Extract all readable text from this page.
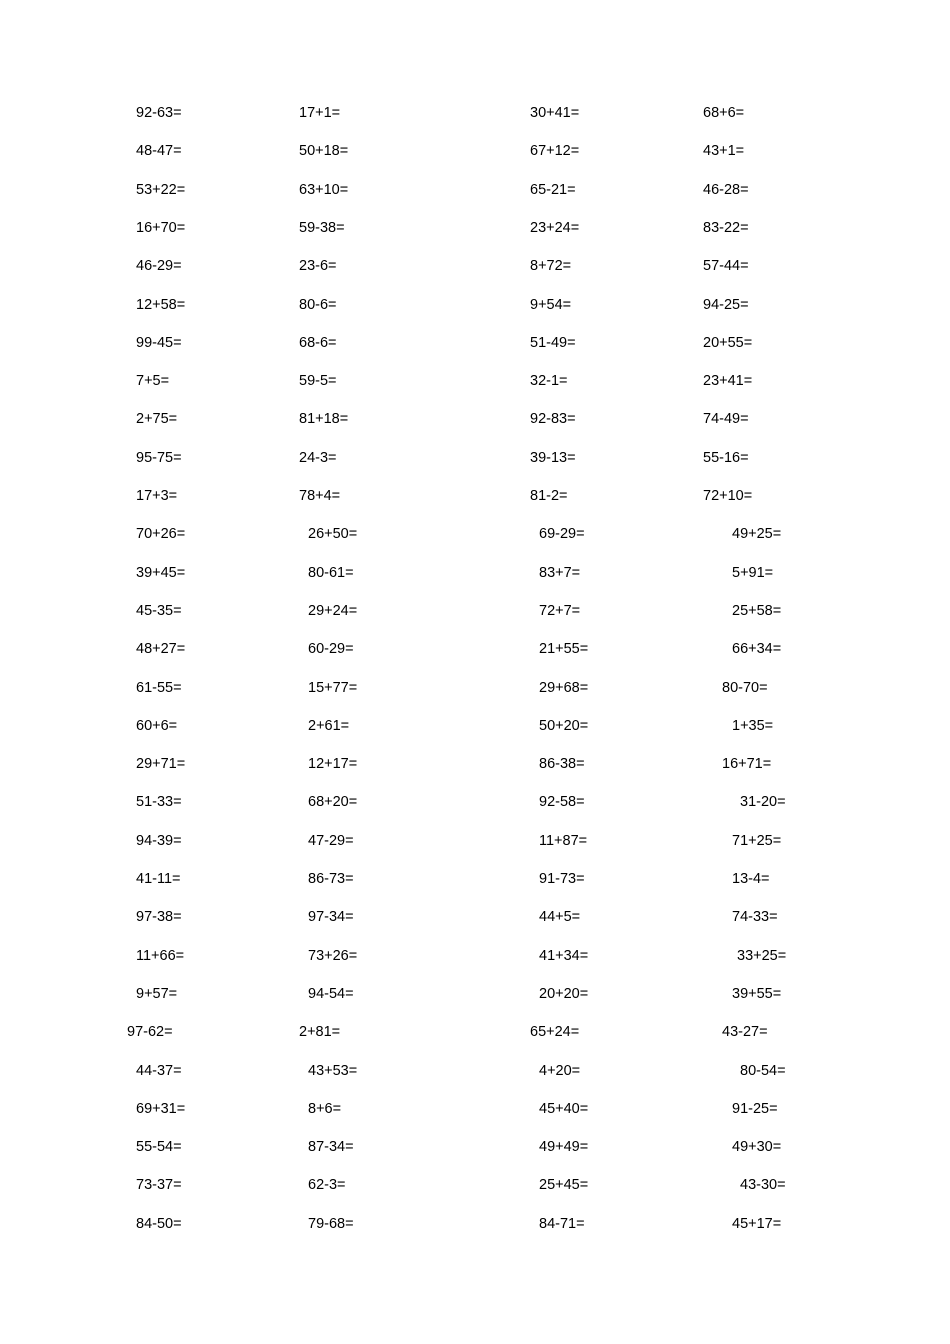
92-63=
48-47=
53+22=
16+70=
46-29=
12+58=
99-45=
7+5=
2+75=
95-75=
17+3=
70+26=
39+45=
45-35=
48+27=
61-55=
60+6=
29+71=
51-33=
94-39=
41-11=
97-38=
11+66=
9+57=
97-62=
44-37=
69+31=
55-54=
73-37=
84-50=
17+1=
50+18=
63+10=
59-38=
23-6=
80-6=
68-6=
59-5=
81+18=
24-3=
78+4=
26+50=
80-61=
29+24=
60-29=
15+77=
2+61=
12+17=
68+20=
47-29=
86-73=
97-34=
73+26=
94-54=
2+81=
43+53=
8+6=
87-34=
62-3=
79-68=
30+41=
67+12=
65-21=
23+24=
8+72=
9+54=
51-49=
32-1=
92-83=
39-13=
81-2=
69-29=
83+7=
72+7=
21+55=
29+68=
50+20=
86-38=
92-58=
11+87=
91-73=
44+5=
41+34=
20+20=
65+24=
4+20=
45+40=
49+49=
25+45=
84-71=
68+6=
43+1=
46-28=
83-22=
57-44=
94-25=
20+55=
23+41=
74-49=
55-16=
72+10=
49+25=
5+91=
25+58=
66+34=
80-70=
1+35=
16+71=
31-20=
71+25=
13-4=
74-33=
33+25=
39+55=
43-27=
80-54=
91-25=
49+30=
43-30=
45+17=
